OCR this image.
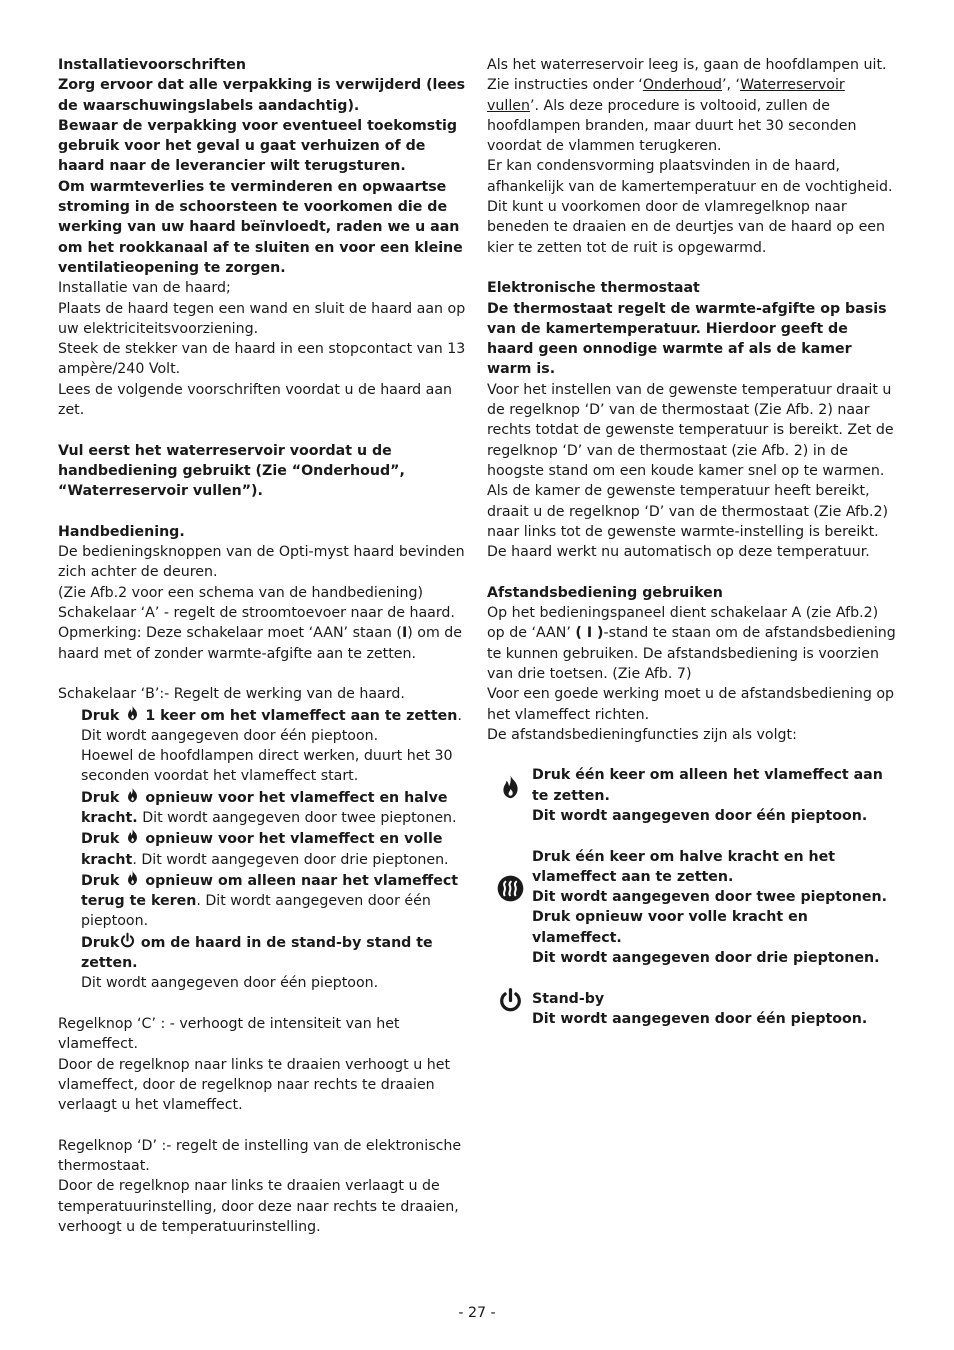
Installatievoorschriften

Zorg ervoor dat alle verpakking is verwijderd (lees de waarschuwingslabels aandachtig).

Bewaar de verpakking voor eventueel toekomstig gebruik voor het geval u gaat verhuizen of de haard naar de leverancier wilt terugsturen.

Om warmteverlies te verminderen en opwaartse stroming in de schoorsteen te voorkomen die de werking van uw haard beïnvloedt, raden we u aan om het rookkanaal af te sluiten en voor een kleine ventilatieopening te zorgen.

Installatie van de haard;

Plaats de haard tegen een wand en sluit de haard aan op uw elektriciteitsvoorziening.

Steek de stekker van de haard in een stopcontact van 13 ampère/240 Volt.

Lees de volgende voorschriften voordat u de haard aan zet.

Vul eerst het waterreservoir voordat u de handbediening gebruikt (Zie “Onderhoud”, “Waterreservoir vullen”).

Handbediening.

De bedieningsknoppen van de Opti-myst haard bevinden zich achter de deuren.

(Zie Afb.2 voor een schema van de handbediening)

Schakelaar ‘A’ - regelt de stroomtoevoer naar de haard.

Opmerking: Deze schakelaar moet ‘AAN’ staan (I) om de haard met of zonder warmte-afgifte aan te zetten.

Schakelaar ‘B’:- Regelt de werking van de haard.

Druk 1 keer om het vlameffect aan te zetten. Dit wordt aangegeven door één pieptoon.

Hoewel de hoofdlampen direct werken, duurt het 30 seconden voordat het vlameffect start.

Druk opnieuw voor het vlameffect en halve kracht. Dit wordt aangegeven door twee pieptonen.

Druk opnieuw voor het vlameffect en volle kracht. Dit wordt aangegeven door drie pieptonen.

Druk opnieuw om alleen naar het vlameffect terug te keren. Dit wordt aangegeven door één pieptoon.

Druk om de haard in de stand-by stand te zetten.

Dit wordt aangegeven door één pieptoon.

Regelknop ‘C’ : - verhoogt de intensiteit van het vlameffect.

Door de regelknop naar links te draaien verhoogt u het vlameffect, door de regelknop naar rechts te draaien verlaagt u het vlameffect.

Regelknop ‘D’ :- regelt de instelling van de elektronische thermostaat.

Door de regelknop naar links te draaien verlaagt u de temperatuurinstelling, door deze naar rechts te draaien, verhoogt u de temperatuurinstelling.

Als het waterreservoir leeg is, gaan de hoofdlampen uit. Zie instructies onder ‘Onderhoud’, ‘Waterreservoir vullen’. Als deze procedure is voltooid, zullen de hoofdlampen branden, maar duurt het 30 seconden voordat de vlammen terugkeren.

Er kan condensvorming plaatsvinden in de haard, afhankelijk van de kamertemperatuur en de vochtigheid. Dit kunt u voorkomen door de vlamregelknop naar beneden te draaien en de deurtjes van de haard op een kier te zetten tot de ruit is opgewarmd.

Elektronische thermostaat

De thermostaat regelt de warmte-afgifte op basis van de kamertemperatuur. Hierdoor geeft de haard geen onnodige warmte af als de kamer warm is.

Voor het instellen van de gewenste temperatuur draait u de regelknop ‘D’ van de thermostaat (Zie Afb. 2) naar rechts totdat de gewenste temperatuur is bereikt. Zet de regelknop ‘D’ van de thermostaat (zie Afb. 2) in de hoogste stand om een koude kamer snel op te warmen. Als de kamer de gewenste temperatuur heeft bereikt, draait u de regelknop ‘D’ van de thermostaat (Zie Afb.2) naar links tot de gewenste warmte-instelling is bereikt.

De haard werkt nu automatisch op deze temperatuur.

Afstandsbediening gebruiken

Op het bedieningspaneel dient schakelaar A (zie Afb.2) op de ‘AAN’ ( I )-stand te staan om de afstandsbediening te kunnen gebruiken. De afstandsbediening is voorzien van drie toetsen. (Zie Afb. 7)

Voor een goede werking moet u de afstandsbediening op het vlameffect richten.

De afstandsbedieningfuncties zijn als volgt:

Druk één keer om alleen het vlameffect aan te zetten.

Dit wordt aangegeven door één pieptoon.

Druk één keer om halve kracht en het vlameffect aan te zetten.

Dit wordt aangegeven door twee pieptonen.

Druk opnieuw voor volle kracht en vlameffect.

Dit wordt aangegeven door drie pieptonen.

Stand-by

Dit wordt aangegeven door één pieptoon.

- 27 -
